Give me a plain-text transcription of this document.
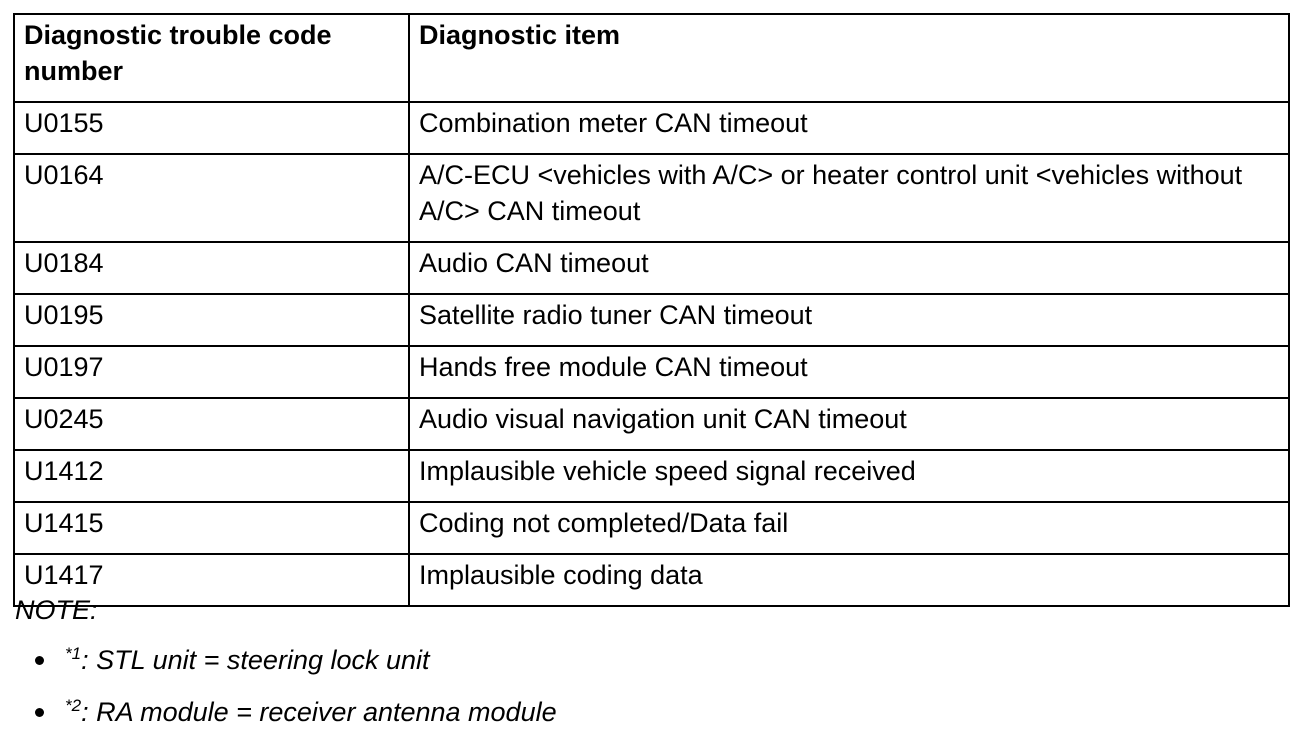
Diagnostic trouble code number	Diagnostic item
U0155	Combination meter CAN timeout
U0164	A/C-ECU <vehicles with A/C> or heater control unit <vehicles without A/C> CAN timeout
U0184	Audio CAN timeout
U0195	Satellite radio tuner CAN timeout
U0197	Hands free module CAN timeout
U0245	Audio visual navigation unit CAN timeout
U1412	Implausible vehicle speed signal received
U1415	Coding not completed/Data fail
U1417	Implausible coding data
NOTE:
$^{*1}$: STL unit = steering lock unit
$^{*2}$: RA module = receiver antenna module
